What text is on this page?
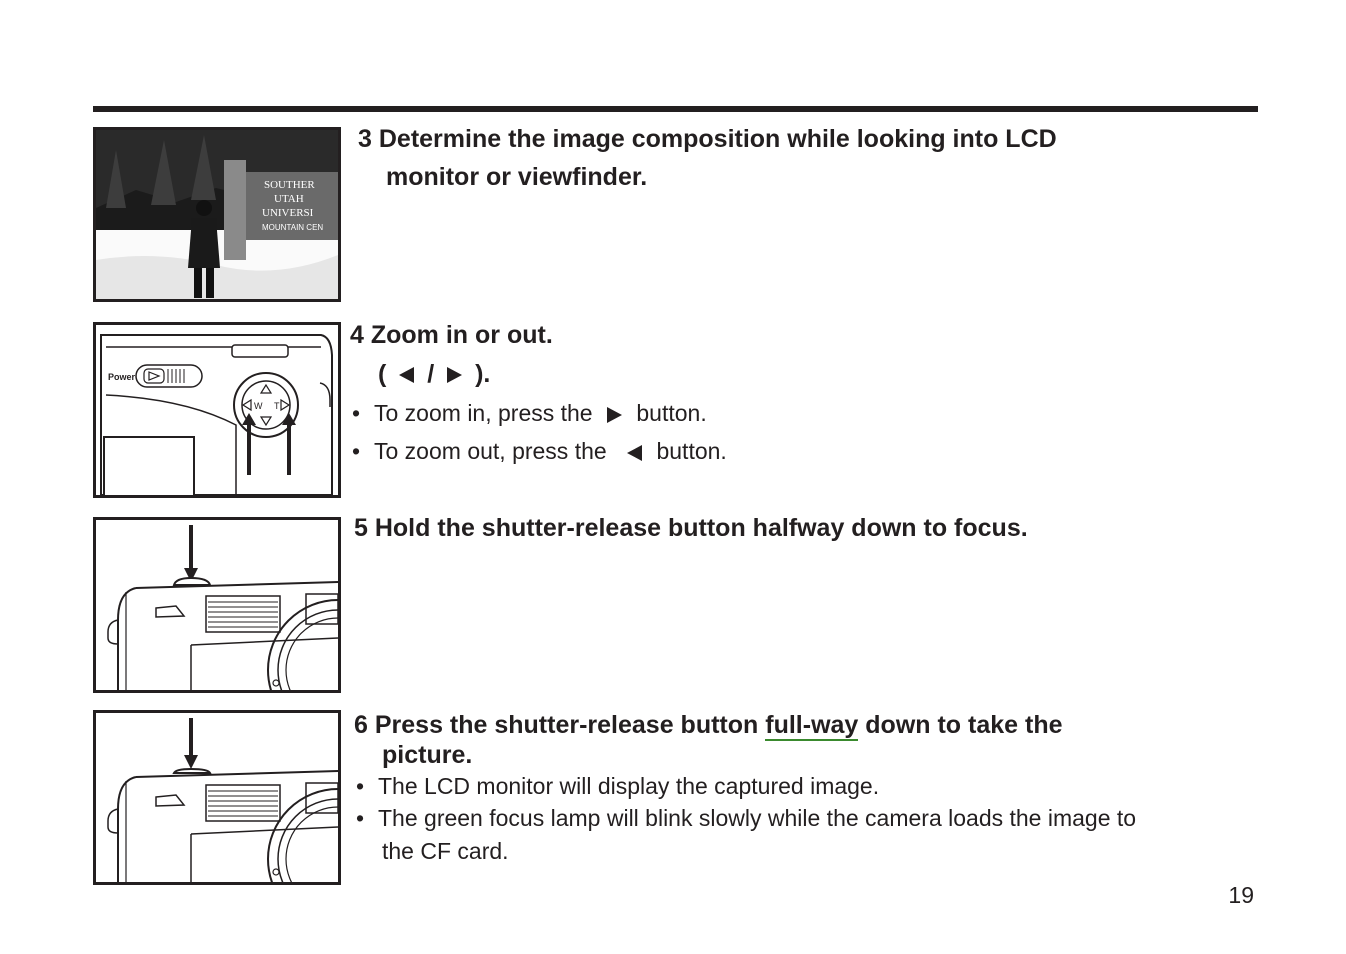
SOUTHER
UTAH
UNIVERSI
MOUNTAIN CEN
3 Determine the image composition while looking into LCD
monitor or viewfinder.
Power
W T
4 Zoom in or out.
( / ).
• To zoom in, press the button.
• To zoom out, press the button.
5 Hold the shutter-release button halfway down to focus.
6 Press the shutter-release button full-way down to take the
picture.
• The LCD monitor will display the captured image.
• The green focus lamp will blink slowly while the camera loads the image to
the CF card.
19
